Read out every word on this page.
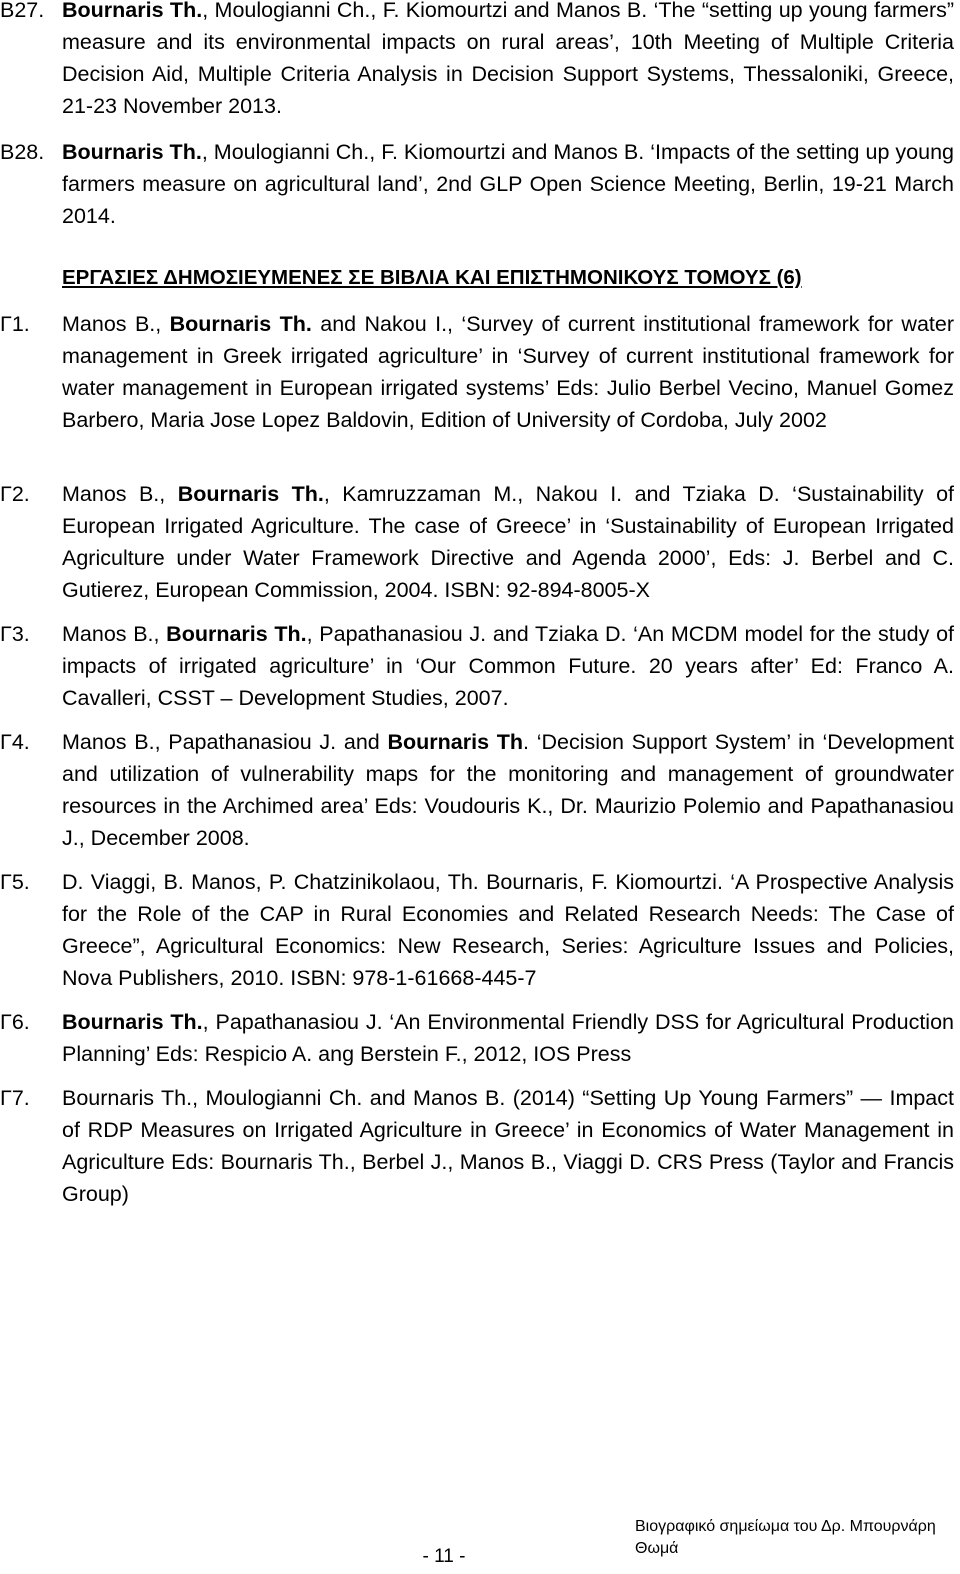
B27. Bournaris Th., Moulogianni Ch., F. Kiomourtzi and Manos B. ‘The “setting up young farmers” measure and its environmental impacts on rural areas’, 10th Meeting of Multiple Criteria Decision Aid, Multiple Criteria Analysis in Decision Support Systems, Thessaloniki, Greece, 21-23 November 2013.
B28. Bournaris Th., Moulogianni Ch., F. Kiomourtzi and Manos B. ‘Impacts of the setting up young farmers measure on agricultural land’, 2nd GLP Open Science Meeting, Berlin, 19-21 March 2014.
ΕΡΓΑΣΙΕΣ ΔΗΜΟΣΙΕΥΜΕΝΕΣ ΣΕ ΒΙΒΛΙΑ ΚΑΙ ΕΠΙΣΤΗΜΟΝΙΚΟΥΣ ΤΟΜΟΥΣ (6)
Γ1.	Manos B., Bournaris Th. and Nakou I., ‘Survey of current institutional framework for water management in Greek irrigated agriculture’ in ‘Survey of current institutional framework for water management in European irrigated systems’ Eds: Julio Berbel Vecino, Manuel Gomez Barbero, Maria Jose Lopez Baldovin, Edition of University of Cordoba, July 2002
Γ2.	Manos B., Bournaris Th., Kamruzzaman M., Nakou I. and Tziaka D. ‘Sustainability of European Irrigated Agriculture. The case of Greece’ in ‘Sustainability of European Irrigated Agriculture under Water Framework Directive and Agenda 2000’, Eds: J. Berbel and C. Gutierez, European Commission, 2004. ISBN: 92-894-8005-X
Γ3.	Manos B., Bournaris Th., Papathanasiou J. and Tziaka D. ‘An MCDM model for the study of impacts of irrigated agriculture’ in ‘Our Common Future. 20 years after’ Ed: Franco A. Cavalleri, CSST – Development Studies, 2007.
Γ4.	Manos B., Papathanasiou J. and Bournaris Th. ‘Decision Support System’ in ‘Development and utilization of vulnerability maps for the monitoring and management of groundwater resources in the Archimed area’ Eds: Voudouris K., Dr. Maurizio Polemio and Papathanasiou J., December 2008.
Γ5.	D. Viaggi, B. Manos, P. Chatzinikolaou, Th. Bournaris, F. Kiomourtzi. ‘A Prospective Analysis for the Role of the CAP in Rural Economies and Related Research Needs: The Case of Greece”, Agricultural Economics: New Research, Series: Agriculture Issues and Policies, Nova Publishers, 2010. ISBN: 978-1-61668-445-7
Γ6.	Bournaris Th., Papathanasiou J. ‘An Environmental Friendly DSS for Agricultural Production Planning’ Eds: Respicio A. ang Berstein F., 2012, IOS Press
Γ7.	Bournaris Th., Moulogianni Ch. and Manos B. (2014) “Setting Up Young Farmers” — Impact of RDP Measures on Irrigated Agriculture in Greece’ in Economics of Water Management in Agriculture Eds: Bournaris Th., Berbel J., Manos B., Viaggi D. CRS Press (Taylor and Francis Group)
Βιογραφικό σημείωμα του Δρ. Μπουρνάρη Θωμά
- 11 -
